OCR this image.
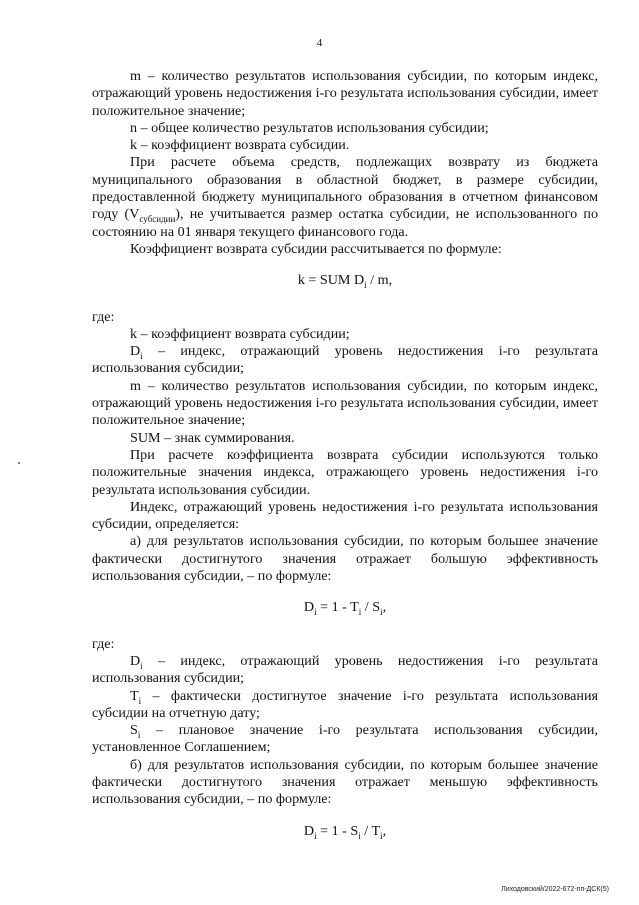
4

m – количество результатов использования субсидии, по которым индекс, отражающий уровень недостижения i-го результата использования субсидии, имеет положительное значение;

n – общее количество результатов использования субсидии;

k – коэффициент возврата субсидии.

При расчете объема средств, подлежащих возврату из бюджета муниципального образования в областной бюджет, в размере субсидии, предоставленной бюджету муниципального образования в отчетном финансовом году $(V_{субсидии})$, не учитывается размер остатка субсидии, не использованного по состоянию на 01 января текущего финансового года.

Коэффициент возврата субсидии рассчитывается по формуле:

k = SUM $D_i$ / m,

где:

k – коэффициент возврата субсидии;

$D_i$ – индекс, отражающий уровень недостижения i-го результата использования субсидии;

m – количество результатов использования субсидии, по которым индекс, отражающий уровень недостижения i-го результата использования субсидии, имеет положительное значение;

SUM – знак суммирования.

При расчете коэффициента возврата субсидии используются только положительные значения индекса, отражающего уровень недостижения i-го результата использования субсидии.

Индекс, отражающий уровень недостижения i-го результата использования субсидии, определяется:

а) для результатов использования субсидии, по которым большее значение фактически достигнутого значения отражает большую эффективность использования субсидии, – по формуле:

$D_i = 1 - T_i / S_i$,

где:

$D_i$ – индекс, отражающий уровень недостижения i-го результата использования субсидии;

$T_i$ – фактически достигнутое значение i-го результата использования субсидии на отчетную дату;

$S_i$ – плановое значение i-го результата использования субсидии, установленное Соглашением;

б) для результатов использования субсидии, по которым большее значение фактически достигнутого значения отражает меньшую эффективность использования субсидии, – по формуле:

$D_i = 1 - S_i / T_i$,
Лиходовский/2022-672-пп-ДСК(5)
